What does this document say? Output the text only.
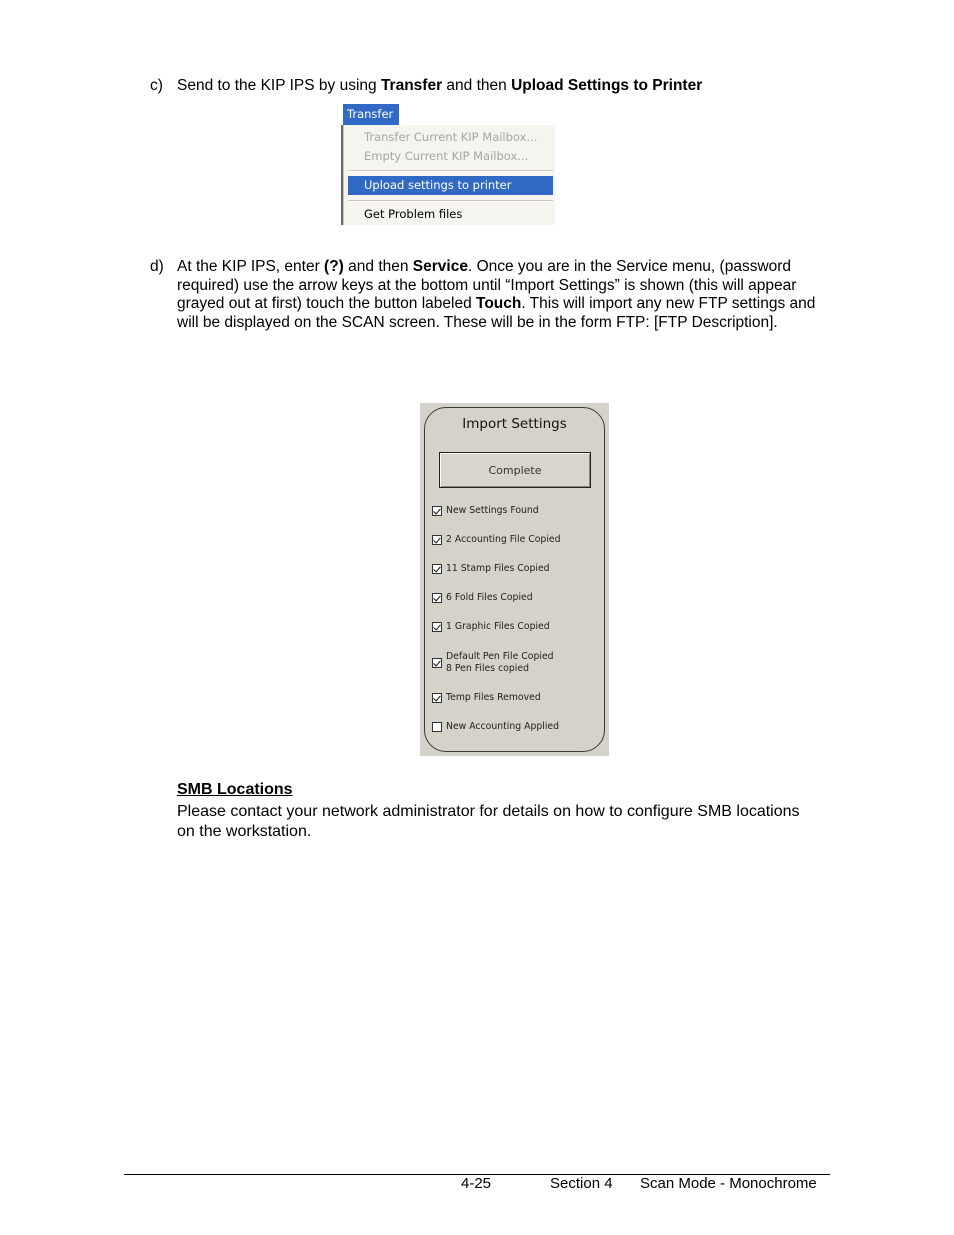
c) Send to the KIP IPS by using Transfer and then Upload Settings to Printer
Transfer
Transfer Current KIP Mailbox...
Empty Current KIP Mailbox...
Upload settings to printer
Get Problem files
d) At the KIP IPS, enter (?) and then Service. Once you are in the Service menu, (password required) use the arrow keys at the bottom until “Import Settings” is shown (this will appear grayed out at first) touch the button labeled Touch. This will import any new FTP settings and will be displayed on the SCAN screen. These will be in the form FTP: [FTP Description].
Import Settings
Complete
New Settings Found
2 Accounting File Copied
11 Stamp Files Copied
6 Fold Files Copied
1 Graphic Files Copied
Default Pen File Copied
8 Pen Files copied
Temp Files Removed
New Accounting Applied
SMB Locations
Please contact your network administrator for details on how to configure SMB locations on the workstation.
4-25	Section 4 Scan Mode - Monochrome
